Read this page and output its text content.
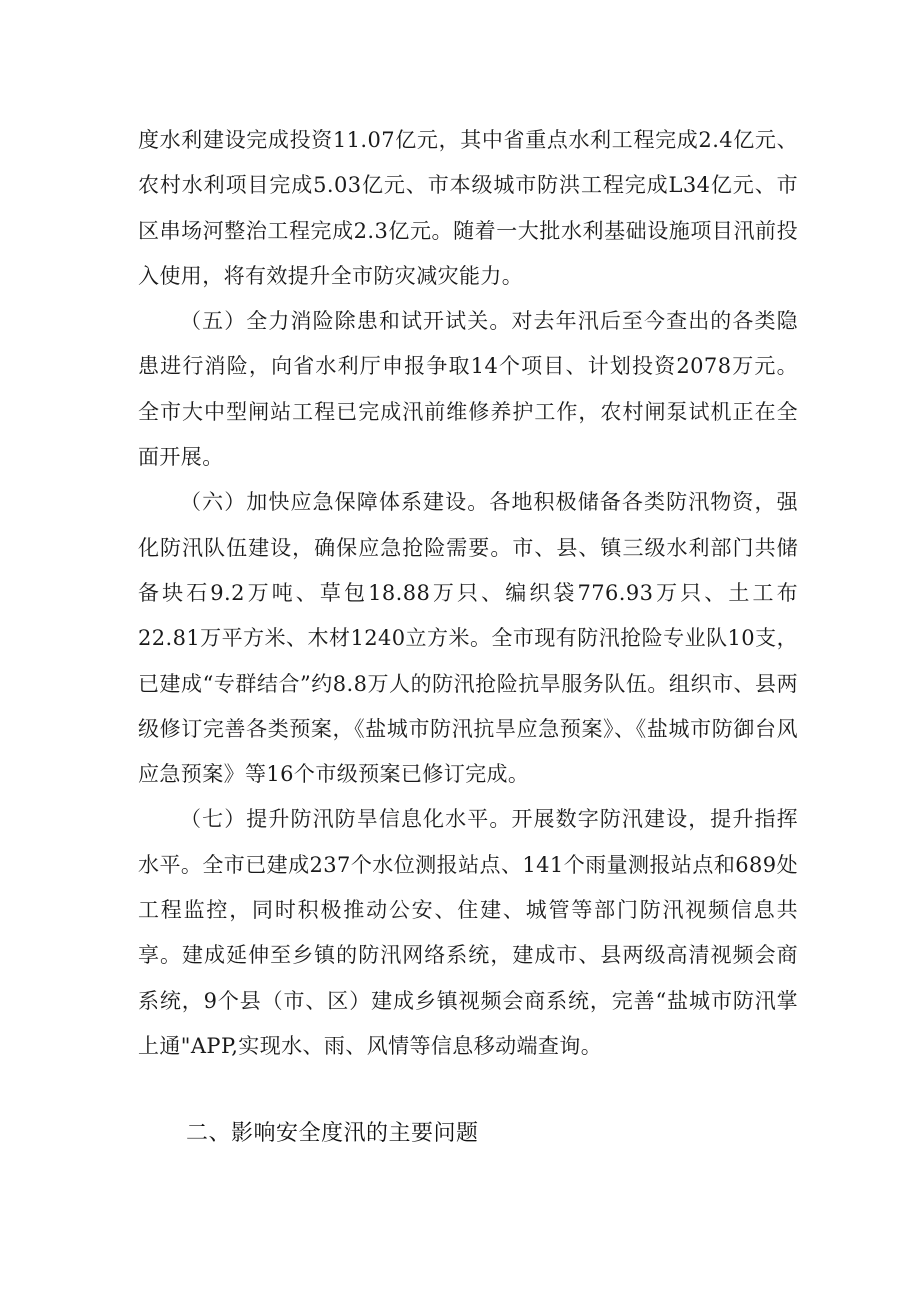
度水利建设完成投资11.07亿元，其中省重点水利工程完成2.4亿元、农村水利项目完成5.03亿元、市本级城市防洪工程完成L34亿元、市区串场河整治工程完成2.3亿元。随着一大批水利基础设施项目汛前投入使用，将有效提升全市防灾减灾能力。

（五）全力消险除患和试开试关。对去年汛后至今查出的各类隐患进行消险，向省水利厅申报争取14个项目、计划投资2078万元。全市大中型闸站工程已完成汛前维修养护工作，农村闸泵试机正在全面开展。

（六）加快应急保障体系建设。各地积极储备各类防汛物资，强化防汛队伍建设，确保应急抢险需要。市、县、镇三级水利部门共储备块石9.2万吨、草包18.88万只、编织袋776.93万只、土工布22.81万平方米、木材1240立方米。全市现有防汛抢险专业队10支，已建成“专群结合”约8.8万人的防汛抢险抗旱服务队伍。组织市、县两级修订完善各类预案，《盐城市防汛抗旱应急预案》、《盐城市防御台风应急预案》等16个市级预案已修订完成。

（七）提升防汛防旱信息化水平。开展数字防汛建设，提升指挥水平。全市已建成237个水位测报站点、141个雨量测报站点和689处工程监控，同时积极推动公安、住建、城管等部门防汛视频信息共享。建成延伸至乡镇的防汛网络系统，建成市、县两级高清视频会商系统，9个县（市、区）建成乡镇视频会商系统，完善“盐城市防汛掌上通"APP,实现水、雨、风情等信息移动端查询。

二、影响安全度汛的主要问题
